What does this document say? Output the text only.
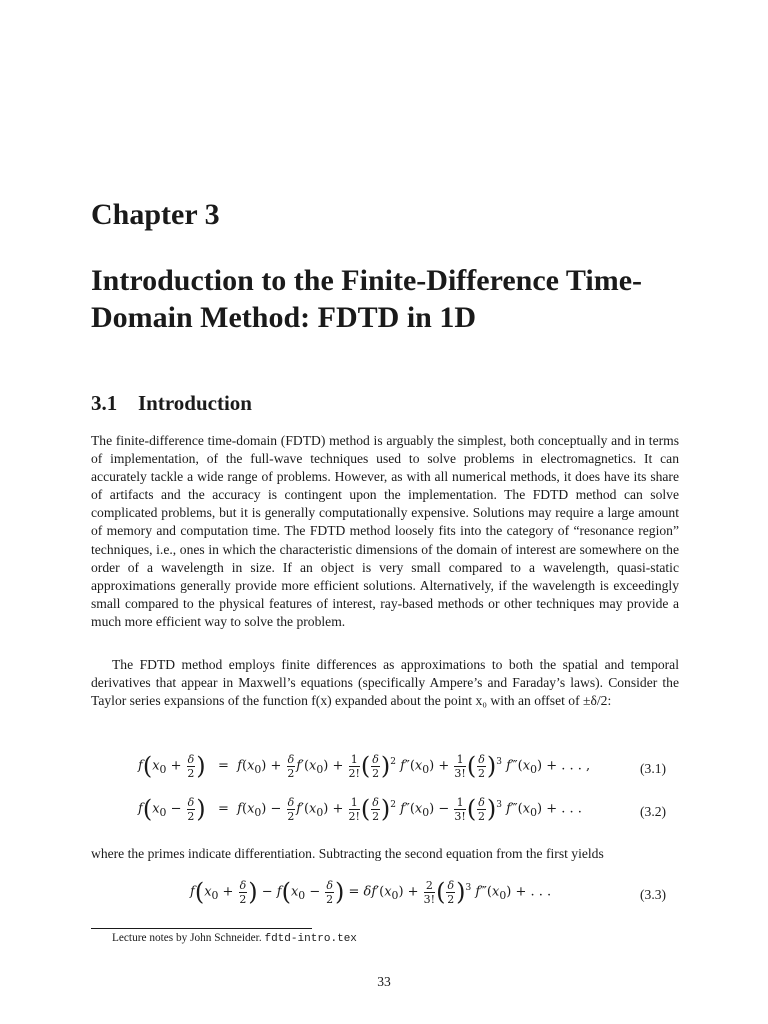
Chapter 3
Introduction to the Finite-Difference Time-Domain Method: FDTD in 1D
3.1 Introduction

The finite-difference time-domain (FDTD) method is arguably the simplest, both conceptually and in terms of implementation, of the full-wave techniques used to solve problems in electromagnetics. It can accurately tackle a wide range of problems. However, as with all numerical methods, it does have its share of artifacts and the accuracy is contingent upon the implementation. The FDTD method can solve complicated problems, but it is generally computationally expensive. Solutions may require a large amount of memory and computation time. The FDTD method loosely fits into the category of “resonance region” techniques, i.e., ones in which the characteristic dimensions of the domain of interest are somewhere on the order of a wavelength in size. If an object is very small compared to a wavelength, quasi-static approximations generally provide more efficient solutions. Alternatively, if the wavelength is exceedingly small compared to the physical features of interest, ray-based methods or other techniques may provide a much more efficient way to solve the problem.

The FDTD method employs finite differences as approximations to both the spatial and temporal derivatives that appear in Maxwell’s equations (specifically Ampere’s and Faraday’s laws). Consider the Taylor series expansions of the function f(x) expanded about the point x₀ with an offset of ±δ/2:

$f(x_0 + \frac{\delta}{2}$ )   =  $f(x_0) + \frac{\delta}{2} f'(x_0) + \frac{1}{2!}$ ( $\frac{\delta}{2} )^2$ $f''(x_0) + \frac{1}{3!}$ ( $\frac{\delta}{2} )^3$ $f‴(x_0)$ + . . . ,	(3.1)
$f(x_0 - \frac{\delta}{2}$ )   =  $f(x_0) - \frac{\delta}{2} f'(x_0) + \frac{1}{2!}$ ( $\frac{\delta}{2} )^2$ $f''(x_0) - \frac{1}{3!}$ ( $\frac{\delta}{2} )^3$ $f‴(x_0)$ + . . .	(3.2)

where the primes indicate differentiation. Subtracting the second equation from the first yields

$f(x_0 + \frac{\delta}{2}$ ) − $f(x_0 - \frac{\delta}{2}$ ) = $\delta f'(x_0) + \frac{2}{3!}$ ( $\frac{\delta}{2} )^3$ $f‴(x_0)$ + . . .	(3.3)
Lecture notes by John Schneider. fdtd-intro.tex
33
